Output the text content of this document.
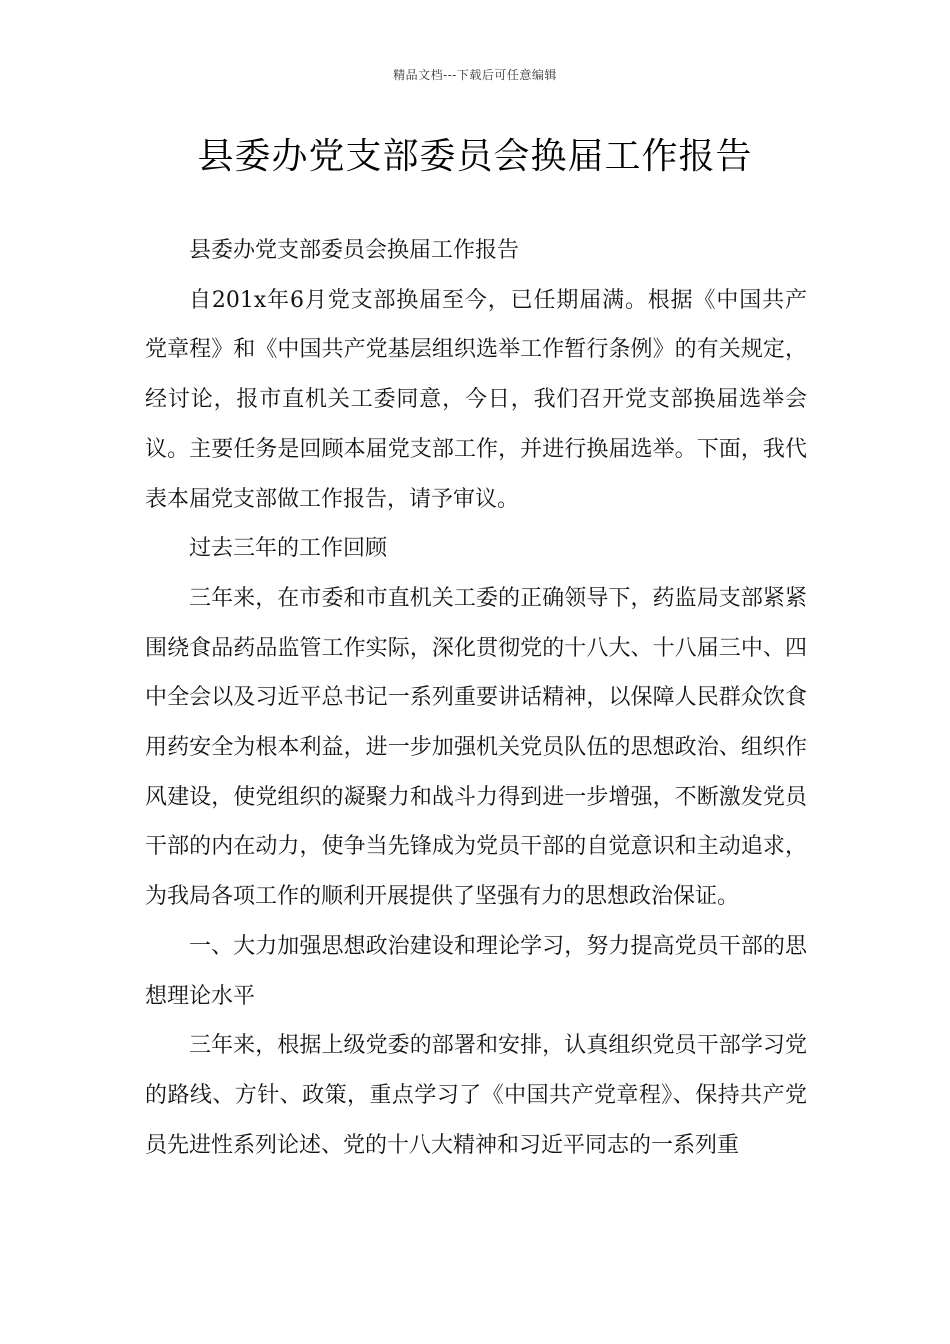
精品文档---下载后可任意编辑
县委办党支部委员会换届工作报告

县委办党支部委员会换届工作报告

自201x年6月党支部换届至今，已任期届满。根据《中国共产党章程》和《中国共产党基层组织选举工作暂行条例》的有关规定，经讨论，报市直机关工委同意，今日，我们召开党支部换届选举会议。主要任务是回顾本届党支部工作，并进行换届选举。下面，我代表本届党支部做工作报告，请予审议。

过去三年的工作回顾

三年来，在市委和市直机关工委的正确领导下，药监局支部紧紧围绕食品药品监管工作实际，深化贯彻党的十八大、十八届三中、四中全会以及习近平总书记一系列重要讲话精神，以保障人民群众饮食用药安全为根本利益，进一步加强机关党员队伍的思想政治、组织作风建设，使党组织的凝聚力和战斗力得到进一步增强，不断激发党员干部的内在动力，使争当先锋成为党员干部的自觉意识和主动追求，为我局各项工作的顺利开展提供了坚强有力的思想政治保证。

一、大力加强思想政治建设和理论学习，努力提高党员干部的思想理论水平

三年来，根据上级党委的部署和安排，认真组织党员干部学习党的路线、方针、政策，重点学习了《中国共产党章程》、保持共产党员先进性系列论述、党的十八大精神和习近平同志的一系列重
